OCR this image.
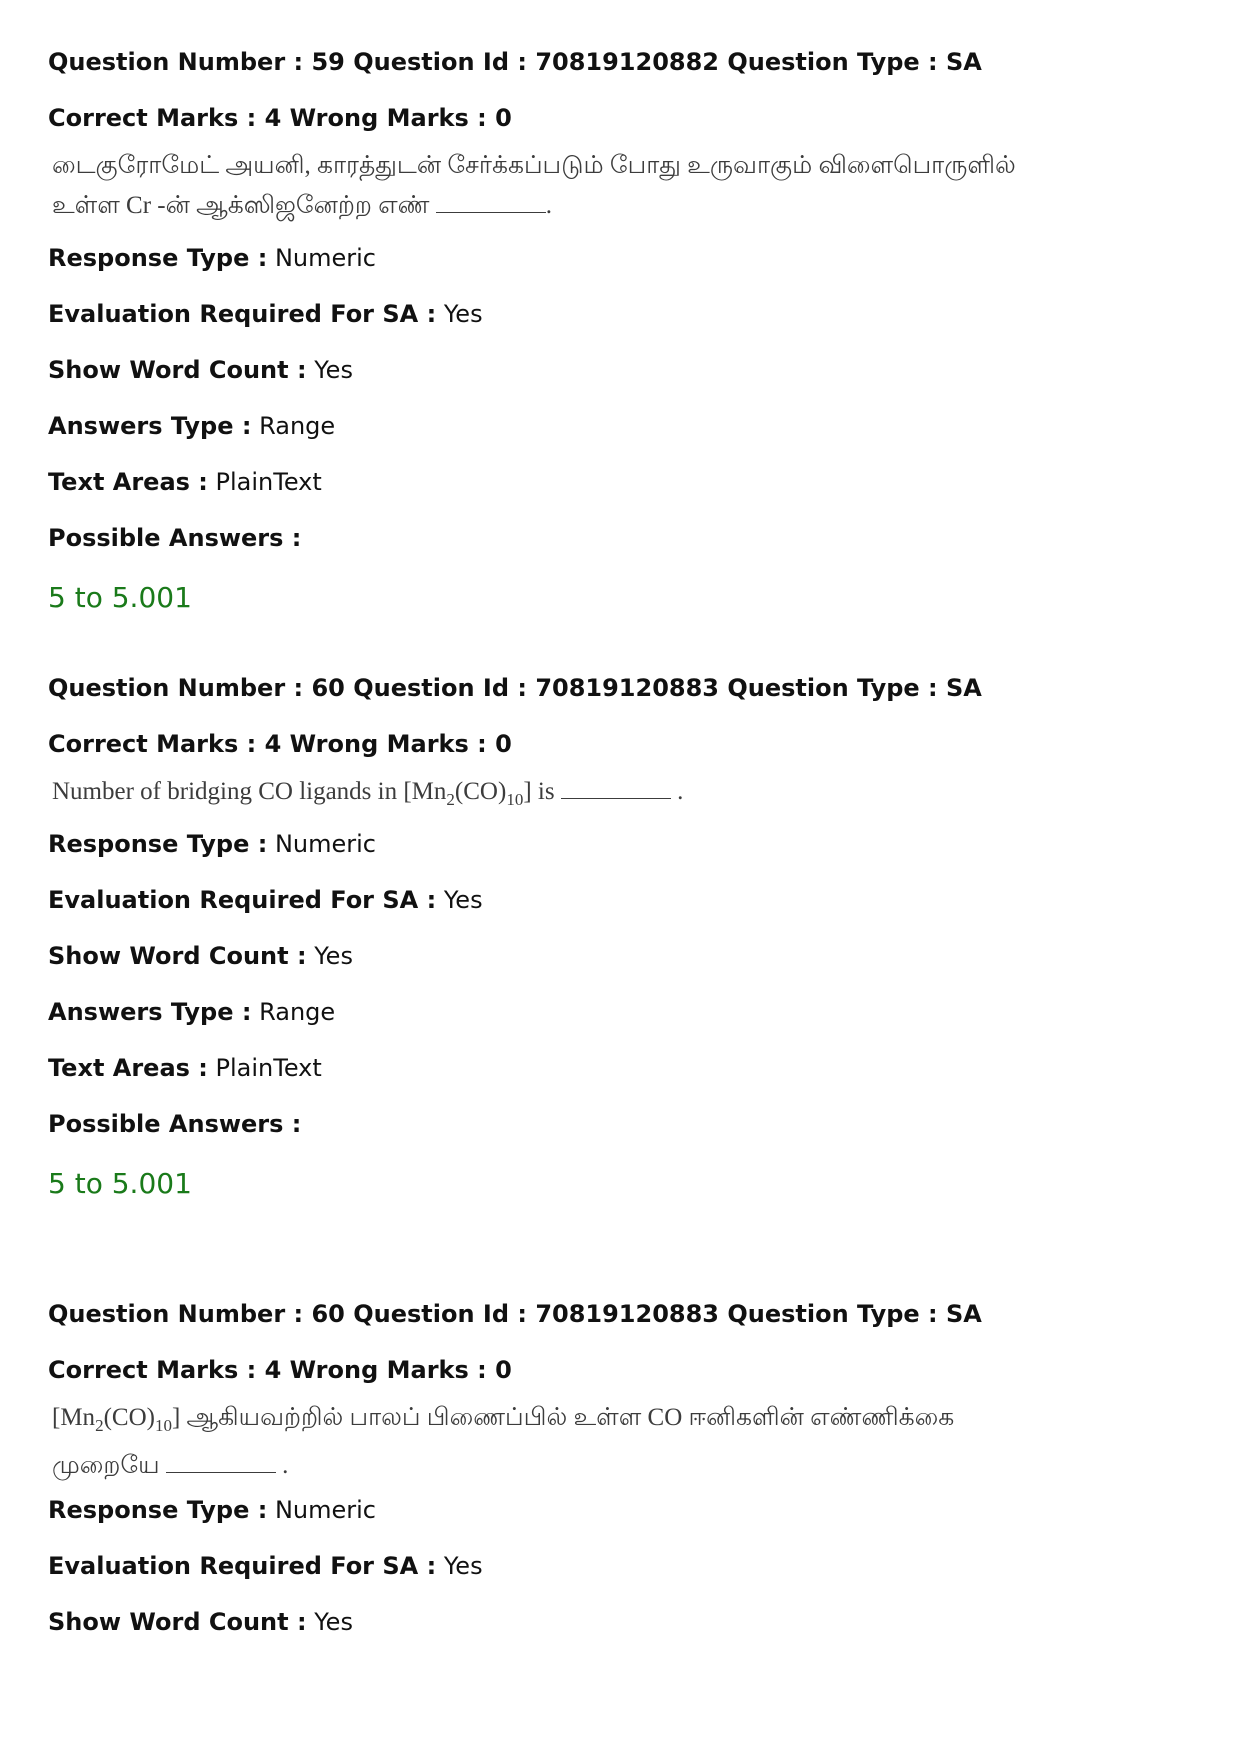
Question Number : 59 Question Id : 70819120882 Question Type : SA
Correct Marks : 4 Wrong Marks : 0
டைகுரோமேட் அயனி, காரத்துடன் சேர்க்கப்படும் போது உருவாகும் விளைபொருளில்
உள்ள Cr -ன் ஆக்ஸிஜனேற்ற எண்	.
Response Type : Numeric
Evaluation Required For SA : Yes
Show Word Count : Yes
Answers Type : Range
Text Areas : PlainText
Possible Answers :
5 to 5.001
Question Number : 60 Question Id : 70819120883 Question Type : SA
Correct Marks : 4 Wrong Marks : 0
Number of bridging CO ligands in $[Mn_2(CO)_{10}]$ is	.
Response Type : Numeric
Evaluation Required For SA : Yes
Show Word Count : Yes
Answers Type : Range
Text Areas : PlainText
Possible Answers :
5 to 5.001
Question Number : 60 Question Id : 70819120883 Question Type : SA
Correct Marks : 4 Wrong Marks : 0
$[Mn_2(CO)_{10}]$ ஆகியவற்றில் பாலப் பிணைப்பில் உள்ள CO ஈனிகளின் எண்ணிக்கை
முறையே	.
Response Type : Numeric
Evaluation Required For SA : Yes
Show Word Count : Yes
